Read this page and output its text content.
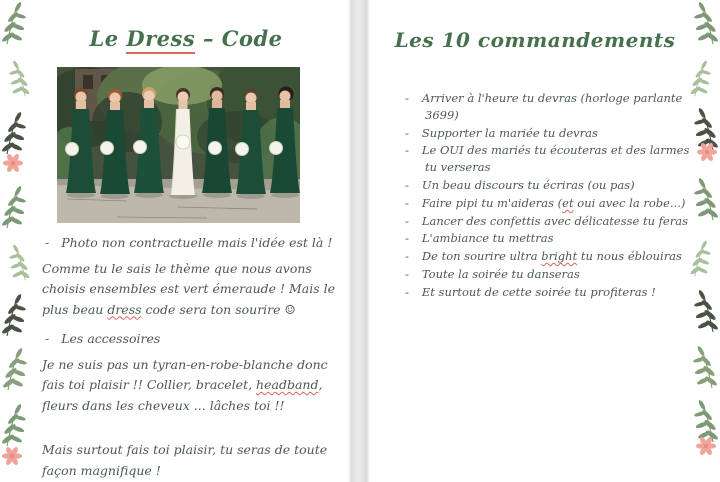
Le Dress – Code	Les 10 commandements
- Photo non contractuelle mais l'idée est là !
Comme tu le sais le thème que nous avons choisis ensembles est vert émeraude ! Mais le plus beau dress code sera ton sourire ☺
- Les accessoires
Je ne suis pas un tyran-en-robe-blanche donc fais toi plaisir !! Collier, bracelet, headband, fleurs dans les cheveux ... lâches toi !!
Mais surtout fais toi plaisir, tu seras de toute façon magnifique !
- Arriver à l'heure tu devras (horloge parlante 3699)
- Supporter la mariée tu devras
- Le OUI des mariés tu écouteras et des larmes tu verseras
- Un beau discours tu écriras (ou pas)
- Faire pipi tu m'aideras (et oui avec la robe...)
- Lancer des confettis avec délicatesse tu feras
- L'ambiance tu mettras
- De ton sourire ultra bright tu nous éblouiras
- Toute la soirée tu danseras
- Et surtout de cette soirée tu profiteras !
